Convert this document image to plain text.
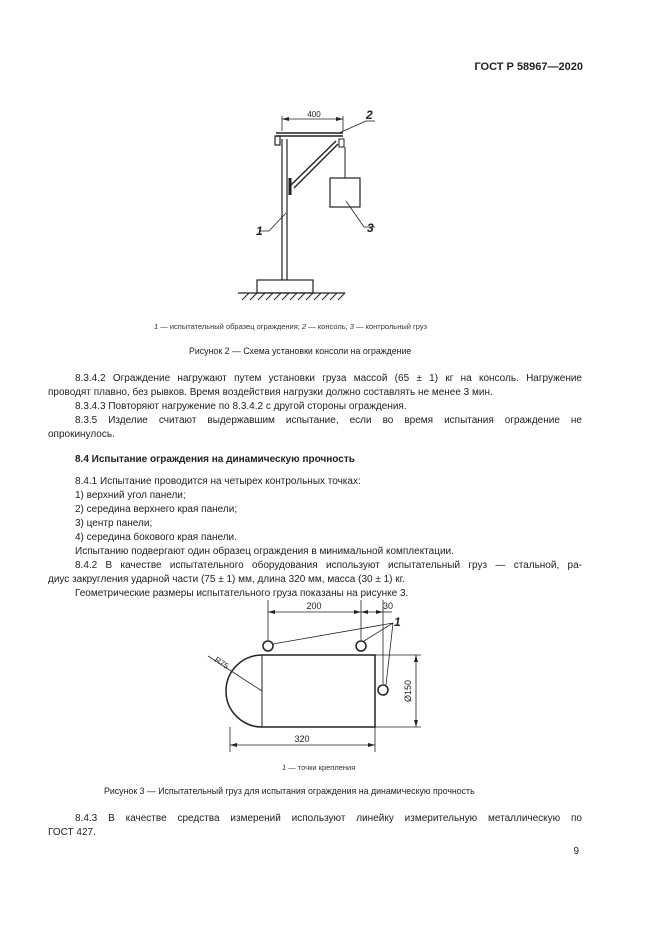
ГОСТ Р 58967—2020
400	2
1	3
1 — испытательный образец ограждения; 2 — консоль; 3 — контрольный груз
Рисунок 2 — Схема установки консоли на ограждение

8.3.4.2 Ограждение нагружают путем установки груза массой (65 ± 1) кг на консоль. Нагружение

проводят плавно, без рывков. Время воздействия нагрузки должно составлять не менее 3 мин.

8.3.4.3 Повторяют нагружение по 8.3.4.2 с другой стороны ограждения.

8.3.5 Изделие считают выдержавшим испытание, если во время испытания ограждение не

опрокинулось.

8.4 Испытание ограждения на динамическую прочность

8.4.1 Испытание проводится на четырех контрольных точках:

1) верхний угол панели;

2) середина верхнего края панели;

3) центр панели;

4) середина бокового края панели.

Испытанию подвергают один образец ограждения в минимальной комплектации.

8.4.2 В качестве испытательного оборудования используют испытательный груз — стальной, ра-

диус закругления ударной части (75 ± 1) мм, длина 320 мм, масса (30 ± 1) кг.

Геометрические размеры испытательного груза показаны на рисунке 3.

200	30
1
R75
Ø150
320
1 — точки крепления
Рисунок 3 — Испытательный груз для испытания ограждения на динамическую прочность

8.4.3 В качестве средства измерений используют линейку измерительную металлическую по

ГОСТ 427.

9
